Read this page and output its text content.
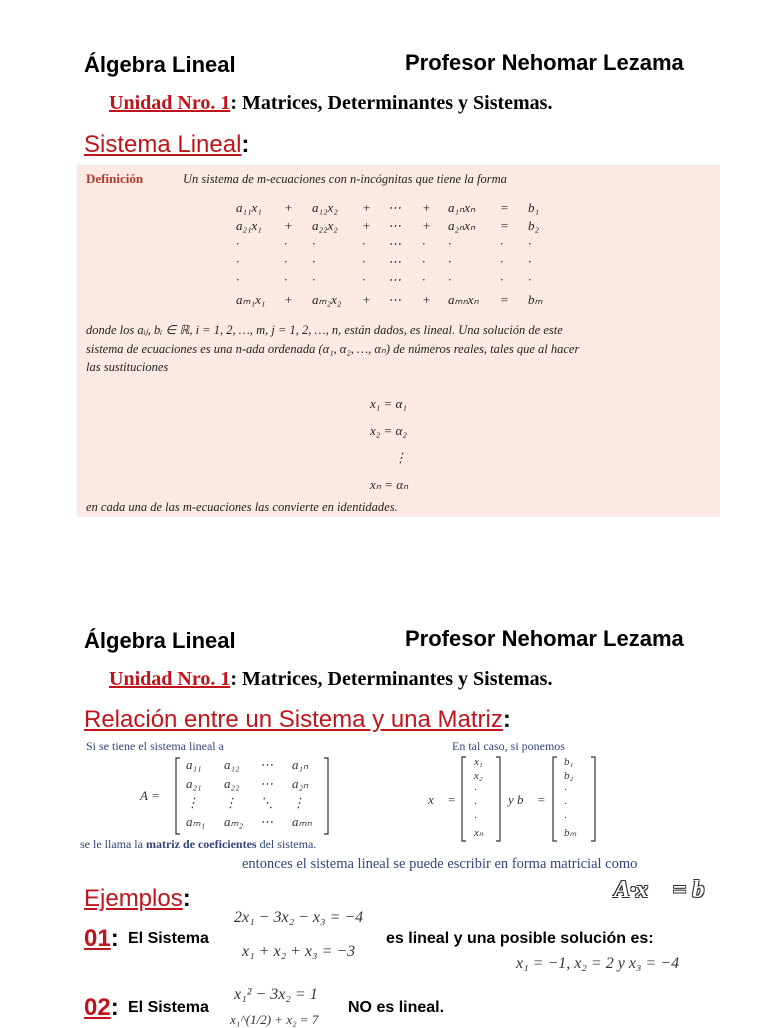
Álgebra Lineal	Profesor Nehomar Lezama
Unidad Nro. 1: Matrices, Determinantes y Sistemas.
Sistema Lineal:
Definición	Un sistema de m-ecuaciones con n-incógnitas que tiene la forma
a₁₁x₁ + a₁₂x₂ + ⋯ + a₁ₙxₙ = b₁
a₂₁x₁ + a₂₂x₂ + ⋯ + a₂ₙxₙ = b₂
·	· ·	· ⋯ · ·	· ·
·	· ·	· ⋯ · ·	· ·
·	· ·	· ⋯ · ·	· ·
aₘ₁x₁ + aₘ₂x₂ + ⋯ + aₘₙxₙ = bₘ
donde los aᵢⱼ, bᵢ ∈ ℝ, i = 1, 2, …, m, j = 1, 2, …, n, están dados, es lineal. Una solución de este
sistema de ecuaciones es una n-ada ordenada (α₁, α₂, …, αₙ) de números reales, tales que al hacer
las sustituciones
x₁ = α₁
x₂ = α₂
⋮
xₙ = αₙ
en cada una de las m-ecuaciones las convierte en identidades.
Álgebra Lineal	Profesor Nehomar Lezama
Unidad Nro. 1: Matrices, Determinantes y Sistemas.
Relación entre un Sistema y una Matriz:
Si se tiene el sistema lineal a	En tal caso, si ponemos
A =
a₁₁ a₁₂ ⋯ a₁ₙ
a₂₁ a₂₂ ⋯ a₂ₙ
⋮ ⋮ ⋱ ⋮
aₘ₁ aₘ₂ ⋯ aₘₙ
x⃗ =
x₁
x₂
·
·
·
xₙ
y b⃗ =
b₁
b₂
·
·
·
bₘ
se le llama la matriz de coeficientes del sistema.
entonces el sistema lineal se puede escribir en forma matricial como
A·x⃗ = b⃗
Ejemplos:
01: El Sistema
2x₁ − 3x₂ − x₃ = −4
x₁ + x₂ + x₃ = −3
es lineal y una posible solución es:
x₁ = −1, x₂ = 2 y x₃ = −4
02: El Sistema
x₁² − 3x₂ = 1
x₁^(1/2) + x₂ = 7
NO es lineal.
